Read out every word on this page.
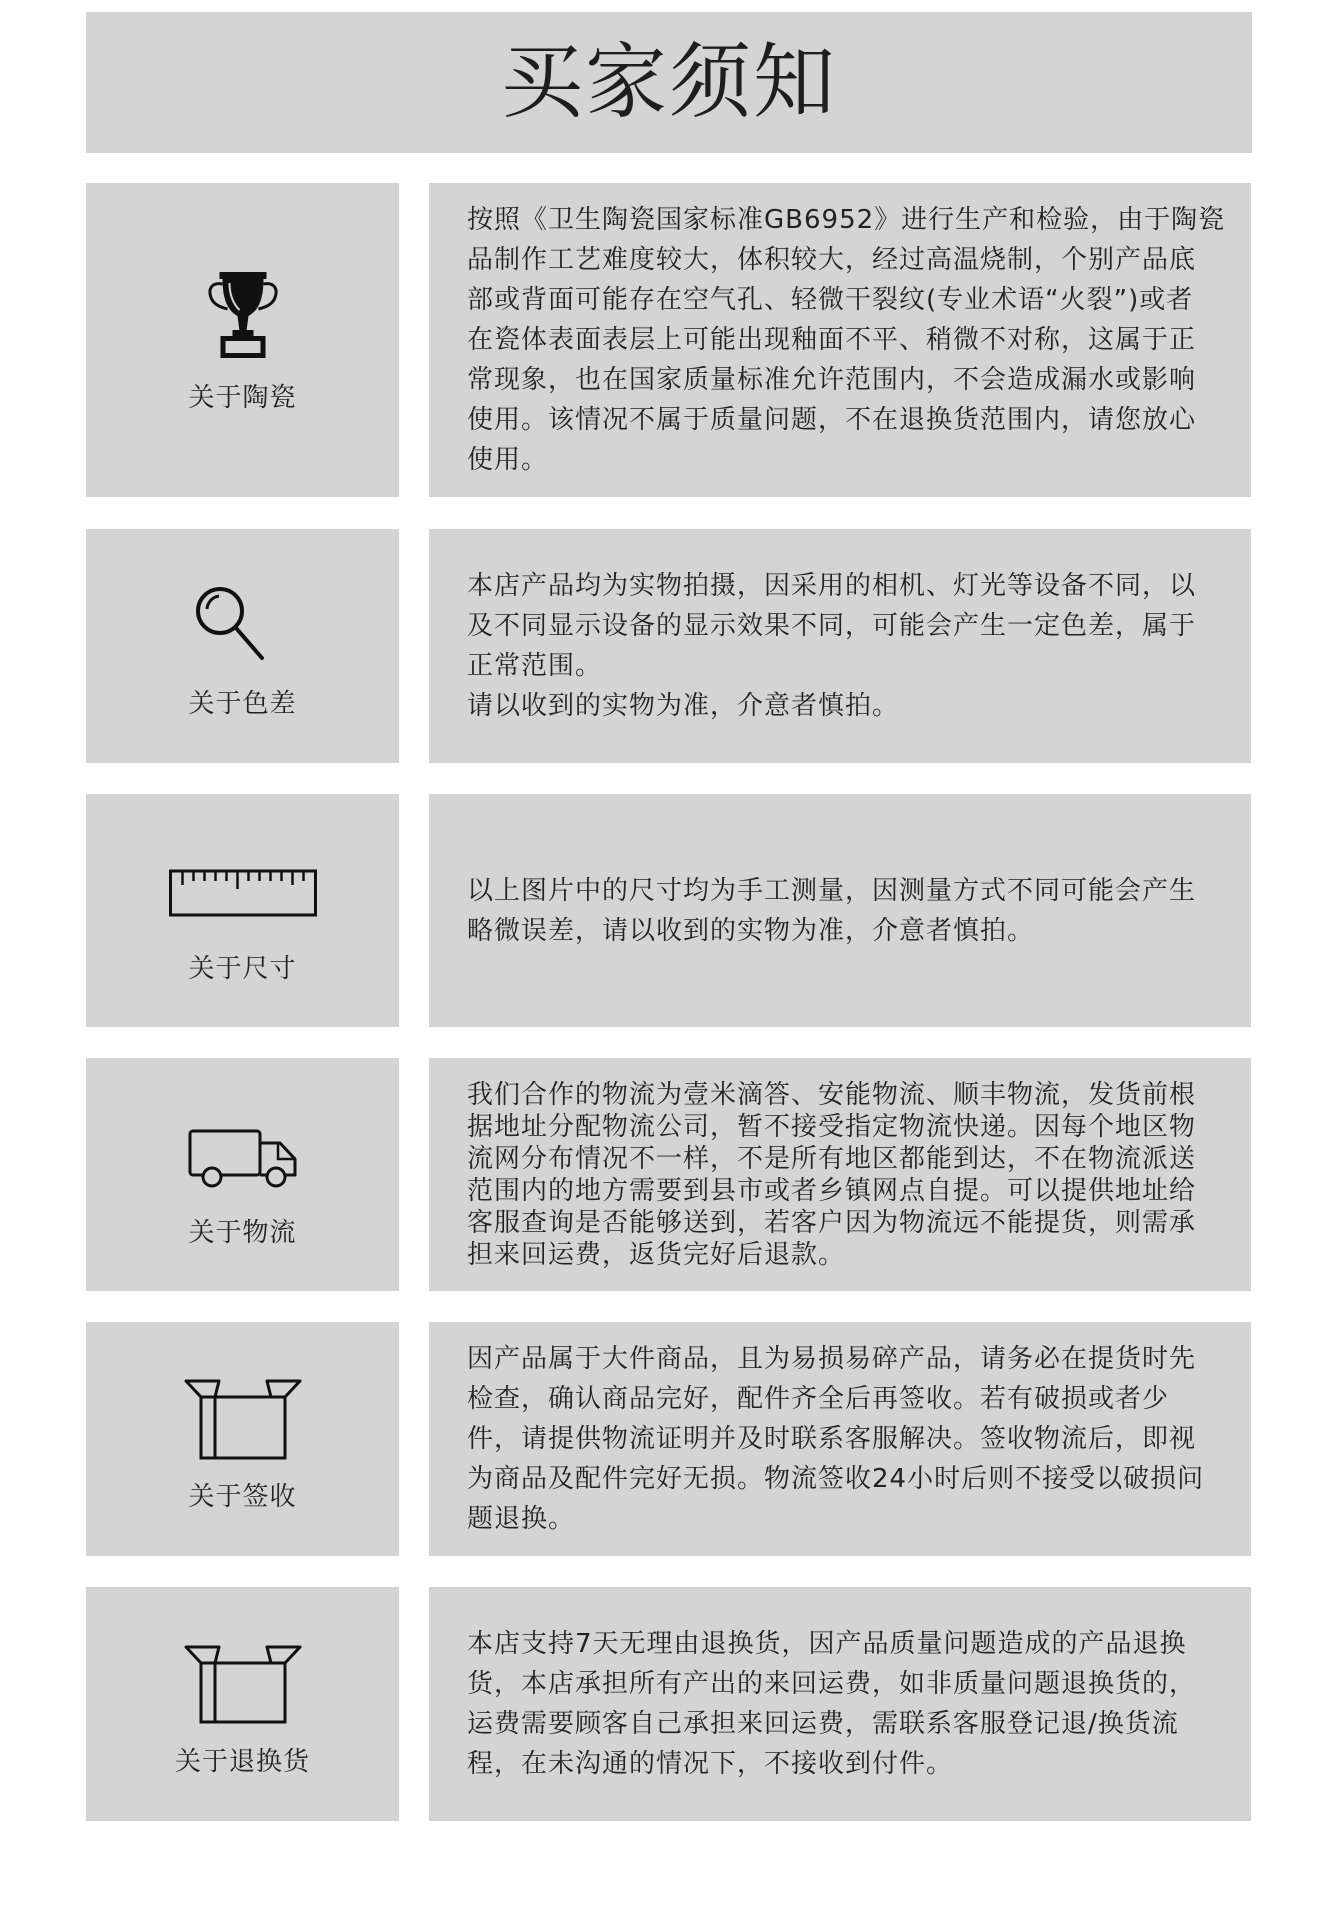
买家须知
关于陶瓷
按照《卫生陶瓷国家标准GB6952》进行生产和检验，由于陶瓷
品制作工艺难度较大，体积较大，经过高温烧制，个别产品底
部或背面可能存在空气孔、轻微干裂纹(专业术语“火裂”)或者
在瓷体表面表层上可能出现釉面不平、稍微不对称，这属于正
常现象，也在国家质量标准允许范围内，不会造成漏水或影响
使用。该情况不属于质量问题，不在退换货范围内，请您放心
使用。
关于色差
本店产品均为实物拍摄，因采用的相机、灯光等设备不同，以
及不同显示设备的显示效果不同，可能会产生一定色差，属于
正常范围。
请以收到的实物为准，介意者慎拍。
关于尺寸
以上图片中的尺寸均为手工测量，因测量方式不同可能会产生
略微误差，请以收到的实物为准，介意者慎拍。
关于物流
我们合作的物流为壹米滴答、安能物流、顺丰物流，发货前根
据地址分配物流公司，暂不接受指定物流快递。因每个地区物
流网分布情况不一样，不是所有地区都能到达，不在物流派送
范围内的地方需要到县市或者乡镇网点自提。可以提供地址给
客服查询是否能够送到，若客户因为物流远不能提货，则需承
担来回运费，返货完好后退款。
关于签收
因产品属于大件商品，且为易损易碎产品，请务必在提货时先
检查，确认商品完好，配件齐全后再签收。若有破损或者少
件，请提供物流证明并及时联系客服解决。签收物流后，即视
为商品及配件完好无损。物流签收24小时后则不接受以破损问
题退换。
关于退换货
本店支持7天无理由退换货，因产品质量问题造成的产品退换
货，本店承担所有产出的来回运费，如非质量问题退换货的，
运费需要顾客自己承担来回运费，需联系客服登记退/换货流
程，在未沟通的情况下，不接收到付件。
